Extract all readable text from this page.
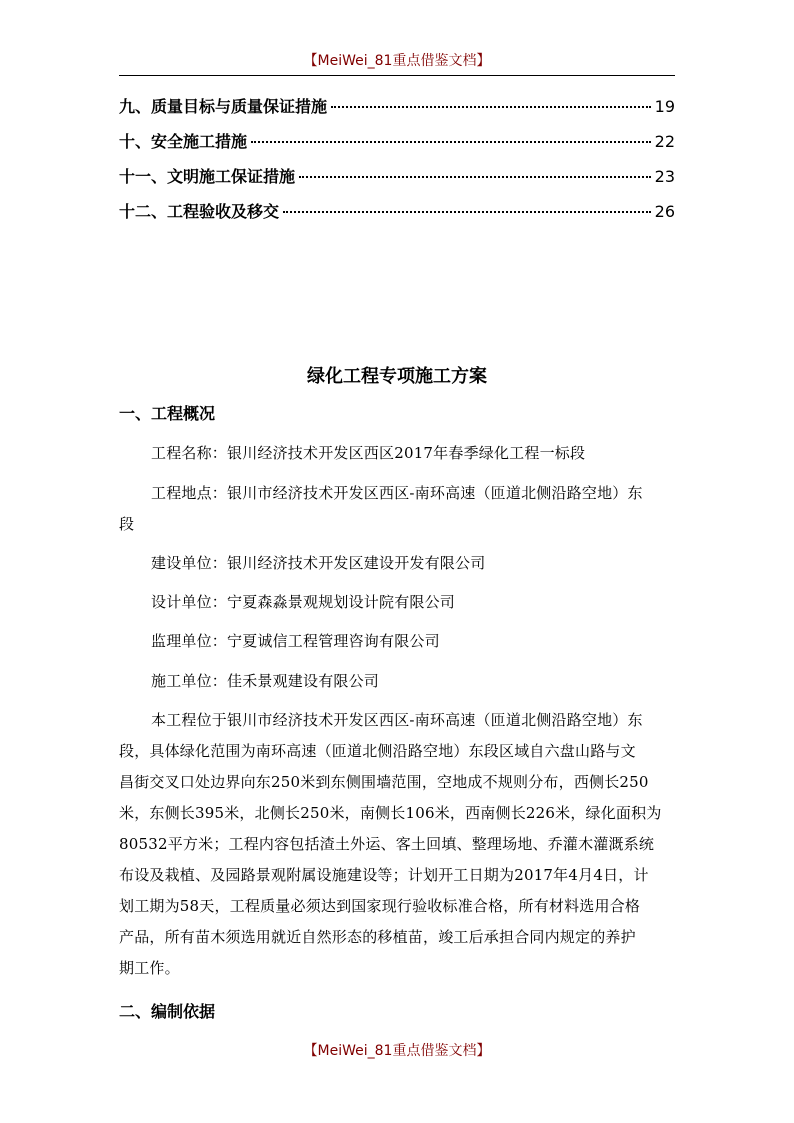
【MeiWei_81重点借鉴文档】
九、质量目标与质量保证措施	19
十、安全施工措施	22
十一、文明施工保证措施	23
十二、工程验收及移交	26
绿化工程专项施工方案
一、工程概况
工程名称：银川经济技术开发区西区2017年春季绿化工程一标段
工程地点：银川市经济技术开发区西区-南环高速（匝道北侧沿路空地）东
段
建设单位：银川经济技术开发区建设开发有限公司
设计单位：宁夏森淼景观规划设计院有限公司
监理单位：宁夏诚信工程管理咨询有限公司
施工单位：佳禾景观建设有限公司
本工程位于银川市经济技术开发区西区-南环高速（匝道北侧沿路空地）东
段，具体绿化范围为南环高速（匝道北侧沿路空地）东段区域自六盘山路与文
昌街交叉口处边界向东250米到东侧围墙范围，空地成不规则分布，西侧长250
米，东侧长395米，北侧长250米，南侧长106米，西南侧长226米，绿化面积为
80532平方米；工程内容包括渣土外运、客土回填、整理场地、乔灌木灌溉系统
布设及栽植、及园路景观附属设施建设等；计划开工日期为2017年4月4日，计
划工期为58天，工程质量必须达到国家现行验收标准合格，所有材料选用合格
产品，所有苗木须选用就近自然形态的移植苗，竣工后承担合同内规定的养护
期工作。
二、编制依据
【MeiWei_81重点借鉴文档】
